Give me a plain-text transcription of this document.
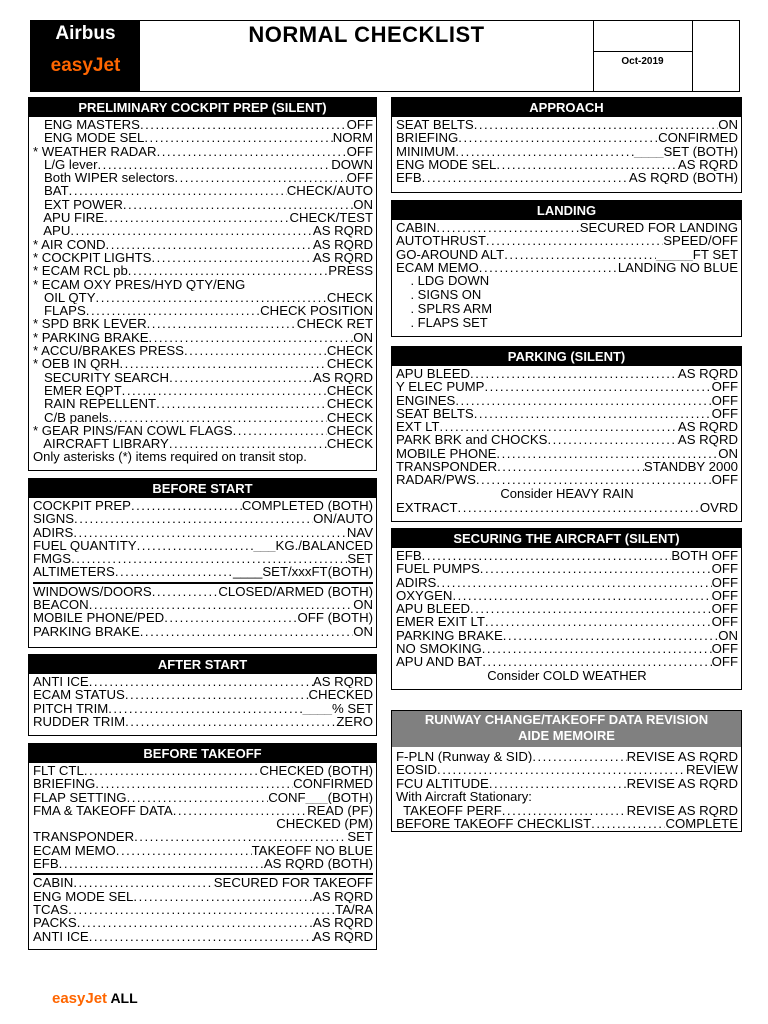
Airbus
easyJet
NORMAL CHECKLIST
Oct-2019
PRELIMINARY COCKPIT PREP (SILENT)
ENG MASTERS .....	OFF
ENG MODE SEL .....	NORM
* WEATHER RADAR .....	OFF
L/G lever .....	DOWN
Both WIPER selectors .....	OFF
BAT .....	CHECK/AUTO
EXT POWER .....	ON
APU FIRE .....	CHECK/TEST
APU .....	AS RQRD
* AIR COND .....	AS RQRD
* COCKPIT LIGHTS .....	AS RQRD
* ECAM RCL pb .....	PRESS
* ECAM OXY PRES/HYD QTY/ENG
OIL QTY .....	CHECK
FLAPS .....	CHECK POSITION
* SPD BRK LEVER .....	CHECK RET
* PARKING BRAKE .....	ON
* ACCU/BRAKES PRESS .....	CHECK
* OEB IN QRH .....	CHECK
SECURITY SEARCH .....	AS RQRD
EMER EQPT .....	CHECK
RAIN REPELLENT .....	CHECK
C/B panels .....	CHECK
* GEAR PINS/FAN COWL FLAGS .....	CHECK
AIRCRAFT LIBRARY .....	CHECK
Only asterisks (*) items required on transit stop.
BEFORE START
COCKPIT PREP .....	COMPLETED (BOTH)
SIGNS .....	ON/AUTO
ADIRS .....	NAV
FUEL QUANTITY .....	___KG./BALANCED
FMGS .....	SET
ALTIMETERS .....	____SET/xxxFT(BOTH)
WINDOWS/DOORS .....	CLOSED/ARMED (BOTH)
BEACON .....	ON
MOBILE PHONE/PED .....	OFF (BOTH)
PARKING BRAKE .....	ON
AFTER START
ANTI ICE .....	AS RQRD
ECAM STATUS .....	CHECKED
PITCH TRIM .....	____% SET
RUDDER TRIM .....	ZERO
BEFORE TAKEOFF
FLT CTL .....	CHECKED (BOTH)
BRIEFING .....	CONFIRMED
FLAP SETTING .....	CONF___(BOTH)
FMA & TAKEOFF DATA .....	READ (PF)
CHECKED (PM)
TRANSPONDER .....	SET
ECAM MEMO .....	TAKEOFF NO BLUE
EFB .....	AS RQRD (BOTH)
CABIN .....	SECURED FOR TAKEOFF
ENG MODE SEL .....	AS RQRD
TCAS .....	TA/RA
PACKS .....	AS RQRD
ANTI ICE .....	AS RQRD
APPROACH
SEAT BELTS .....	ON
BRIEFING .....	CONFIRMED
MINIMUM .....	____SET (BOTH)
ENG MODE SEL .....	AS RQRD
EFB .....	AS RQRD (BOTH)
LANDING
CABIN .....	SECURED FOR LANDING
AUTOTHRUST .....	SPEED/OFF
GO-AROUND ALT .....	_____FT SET
ECAM MEMO .....	LANDING NO BLUE
. LDG DOWN
. SIGNS ON
. SPLRS ARM
. FLAPS SET
PARKING (SILENT)
APU BLEED .....	AS RQRD
Y ELEC PUMP .....	OFF
ENGINES .....	OFF
SEAT BELTS .....	OFF
EXT LT .....	AS RQRD
PARK BRK and CHOCKS .....	AS RQRD
MOBILE PHONE .....	ON
TRANSPONDER .....	STANDBY 2000
RADAR/PWS .....	OFF
Consider HEAVY RAIN
EXTRACT .....	OVRD
SECURING THE AIRCRAFT (SILENT)
EFB .....	BOTH OFF
FUEL PUMPS .....	OFF
ADIRS .....	OFF
OXYGEN .....	OFF
APU BLEED .....	OFF
EMER EXIT LT .....	OFF
PARKING BRAKE .....	ON
NO SMOKING .....	OFF
APU AND BAT .....	OFF
Consider COLD WEATHER
RUNWAY CHANGE/TAKEOFF DATA REVISION
AIDE MEMOIRE
F-PLN (Runway & SID) .....	REVISE AS RQRD
EOSID .....	REVIEW
FCU ALTITUDE .....	REVISE AS RQRD
With Aircraft Stationary:
TAKEOFF PERF .....	REVISE AS RQRD
BEFORE TAKEOFF CHECKLIST .....	COMPLETE
easyJet ALL
